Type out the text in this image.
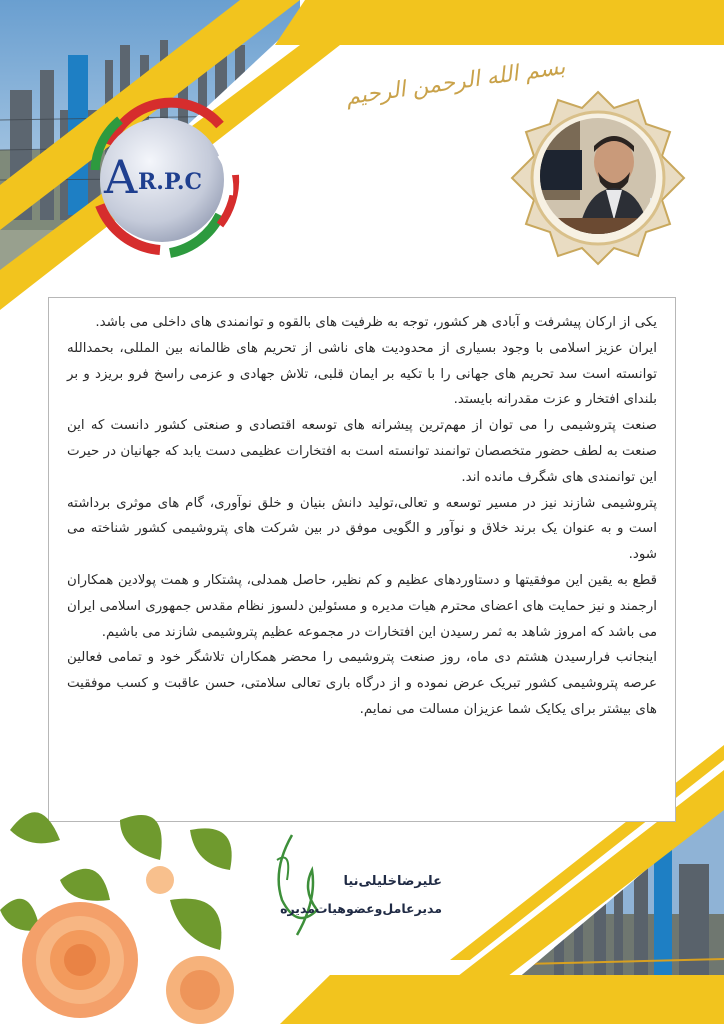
A R.P.C
بسم الله الرحمن الرحیم

یکی از ارکان پیشرفت و آبادی هر کشور، توجه به ظرفیت های بالقوه و توانمندی های داخلی می باشد.

ایران عزیز اسلامی با وجود بسیاری از محدودیت های ناشی از تحریم های ظالمانه بین المللی، بحمدالله توانسته است سد تحریم های جهانی را با تکیه بر ایمان قلبی، تلاش جهادی و عزمی راسخ فرو بریزد و بر بلندای افتخار و عزت مقدرانه بایستد.

صنعت پتروشیمی را می توان از مهم‌ترین پیشرانه های توسعه اقتصادی و صنعتی کشور دانست که این صنعت به لطف حضور متخصصان توانمند توانسته است به افتخارات عظیمی دست یابد که جهانیان در حیرت این توانمندی های شگرف مانده اند.

پتروشیمی شازند نیز در مسیر توسعه و تعالی،تولید دانش بنیان و خلق نوآوری، گام های موثری برداشته است و به عنوان یک برند خلاق و نوآور و الگویی موفق در بین شرکت های پتروشیمی کشور شناخته می شود.

قطع به یقین این موفقیتها و دستاوردهای عظیم و کم نظیر، حاصل همدلی، پشتکار و همت پولادین همکاران ارجمند و نیز حمایت های اعضای محترم هیات مدیره و مسئولین دلسوز نظام مقدس جمهوری اسلامی ایران می باشد که امروز شاهد به ثمر رسیدن این افتخارات در مجموعه عظیم پتروشیمی شازند می باشیم.

اینجانب فرارسیدن هشتم دی ماه، روز صنعت پتروشیمی را محضر همکاران تلاشگر خود و تمامی فعالین عرصه پتروشیمی کشور تبریک عرض نموده و از درگاه باری تعالی سلامتی، حسن عاقبت و کسب موفقیت های بیشتر برای یکایک شما عزیزان مسالت می نمایم.

علیرضاخلیلی‌نیا
مدیرعامل‌وعضوهیات‌مدیره
